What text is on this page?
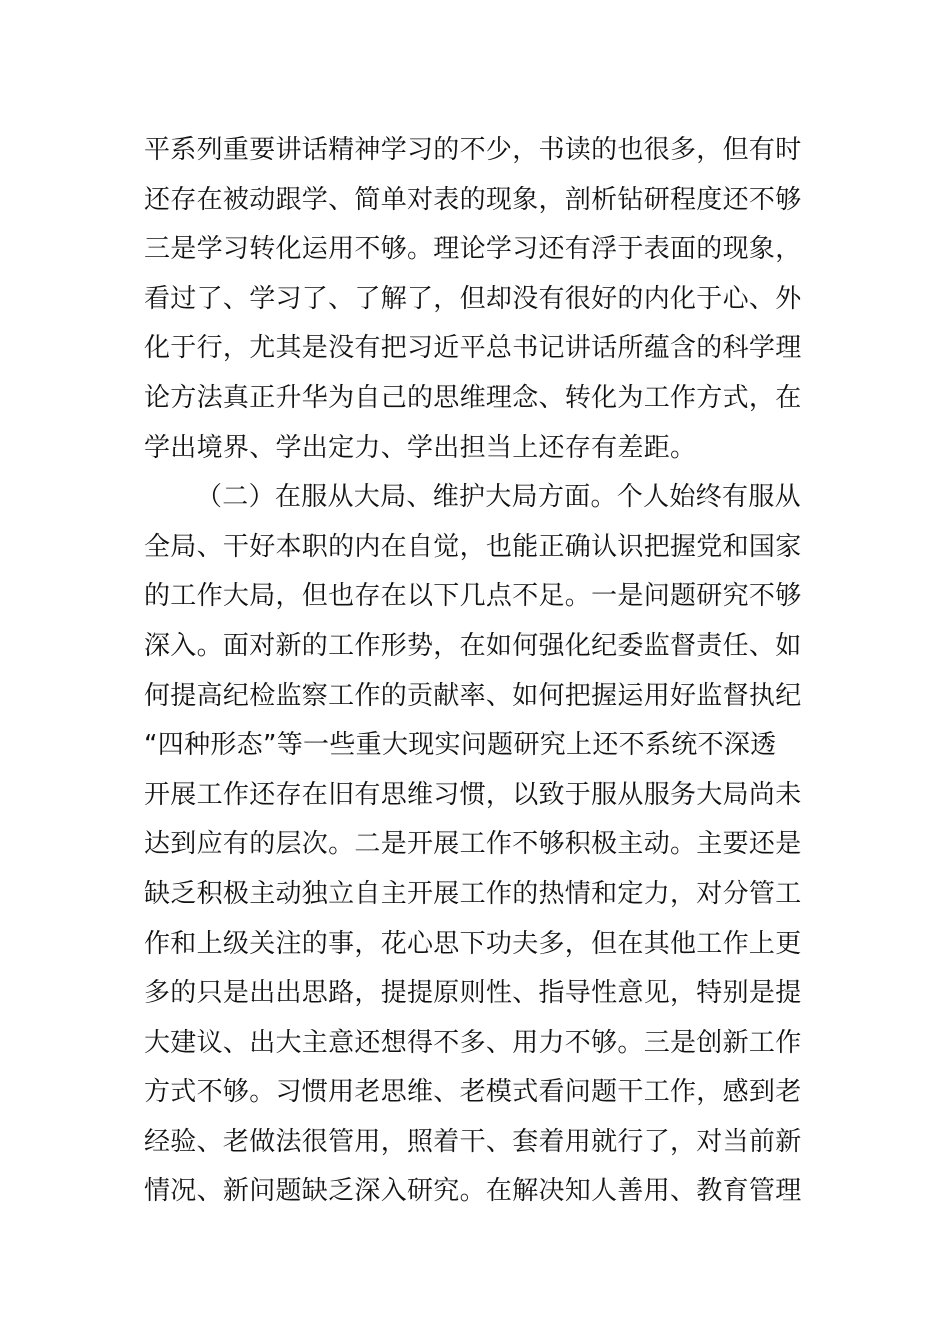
平系列重要讲话精神学习的不少，书读的也很多，但有时
还存在被动跟学、简单对表的现象，剖析钻研程度还不够
三是学习转化运用不够。理论学习还有浮于表面的现象，
看过了、学习了、了解了，但却没有很好的内化于心、外
化于行，尤其是没有把习近平总书记讲话所蕴含的科学理
论方法真正升华为自己的思维理念、转化为工作方式，在
学出境界、学出定力、学出担当上还存有差距。
（二）在服从大局、维护大局方面。个人始终有服从
全局、干好本职的内在自觉，也能正确认识把握党和国家
的工作大局，但也存在以下几点不足。一是问题研究不够
深入。面对新的工作形势，在如何强化纪委监督责任、如
何提高纪检监察工作的贡献率、如何把握运用好监督执纪
“四种形态”等一些重大现实问题研究上还不系统不深透
开展工作还存在旧有思维习惯，以致于服从服务大局尚未
达到应有的层次。二是开展工作不够积极主动。主要还是
缺乏积极主动独立自主开展工作的热情和定力，对分管工
作和上级关注的事，花心思下功夫多，但在其他工作上更
多的只是出出思路，提提原则性、指导性意见，特别是提
大建议、出大主意还想得不多、用力不够。三是创新工作
方式不够。习惯用老思维、老模式看问题干工作，感到老
经验、老做法很管用，照着干、套着用就行了，对当前新
情况、新问题缺乏深入研究。在解决知人善用、教育管理
